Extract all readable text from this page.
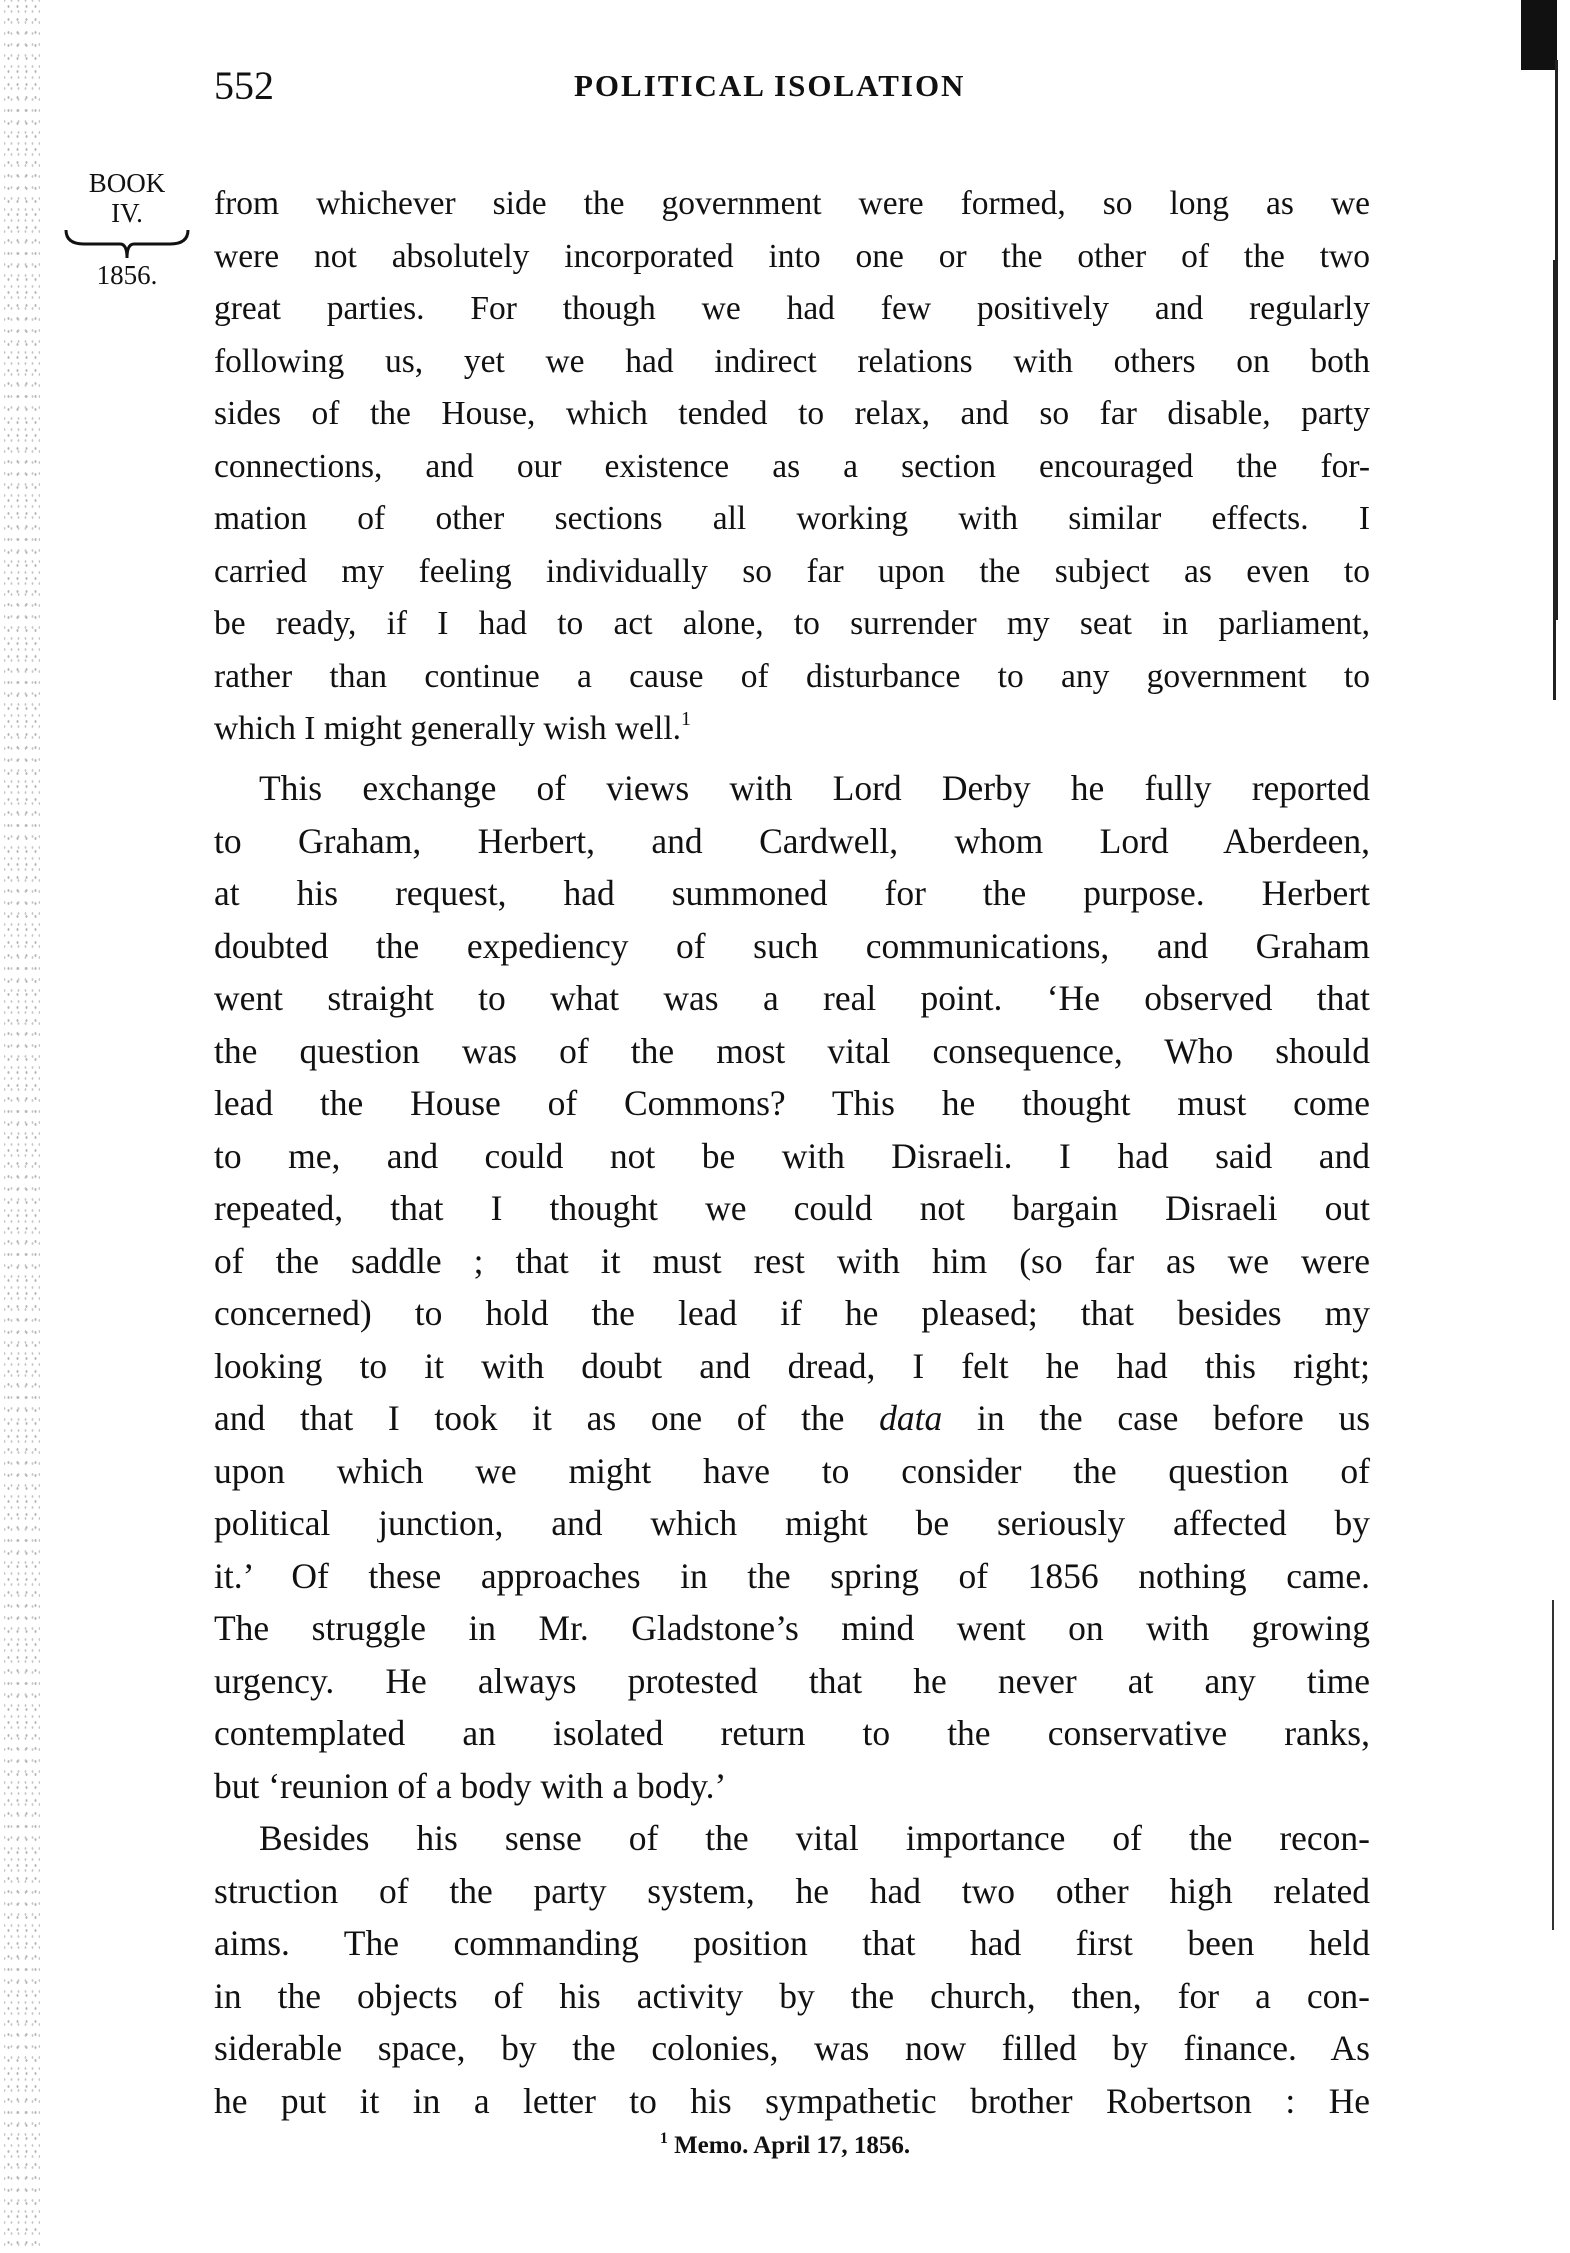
552	POLITICAL ISOLATION
BOOK
IV.
1856.
from whichever side the government were formed, so long as we
were not absolutely incorporated into one or the other of the two
great parties. For though we had few positively and regularly
following us, yet we had indirect relations with others on both
sides of the House, which tended to relax, and so far disable, party
connections, and our existence as a section encouraged the for-
mation of other sections all working with similar effects. I
carried my feeling individually so far upon the subject as even to
be ready, if I had to act alone, to surrender my seat in parliament,
rather than continue a cause of disturbance to any government to
which I might generally wish well.$^1$
This exchange of views with Lord Derby he fully reported
to Graham, Herbert, and Cardwell, whom Lord Aberdeen,
at his request, had summoned for the purpose. Herbert
doubted the expediency of such communications, and Graham
went straight to what was a real point. ‘He observed that
the question was of the most vital consequence, Who should
lead the House of Commons? This he thought must come
to me, and could not be with Disraeli. I had said and
repeated, that I thought we could not bargain Disraeli out
of the saddle ; that it must rest with him (so far as we were
concerned) to hold the lead if he pleased; that besides my
looking to it with doubt and dread, I felt he had this right;
and that I took it as one of the data in the case before us
upon which we might have to consider the question of
political junction, and which might be seriously affected by
it.’ Of these approaches in the spring of 1856 nothing came.
The struggle in Mr. Gladstone’s mind went on with growing
urgency. He always protested that he never at any time
contemplated an isolated return to the conservative ranks,
but ‘reunion of a body with a body.’
Besides his sense of the vital importance of the recon-
struction of the party system, he had two other high related
aims. The commanding position that had first been held
in the objects of his activity by the church, then, for a con-
siderable space, by the colonies, was now filled by finance. As
he put it in a letter to his sympathetic brother Robertson : He
$^1$ Memo. April 17, 1856.
